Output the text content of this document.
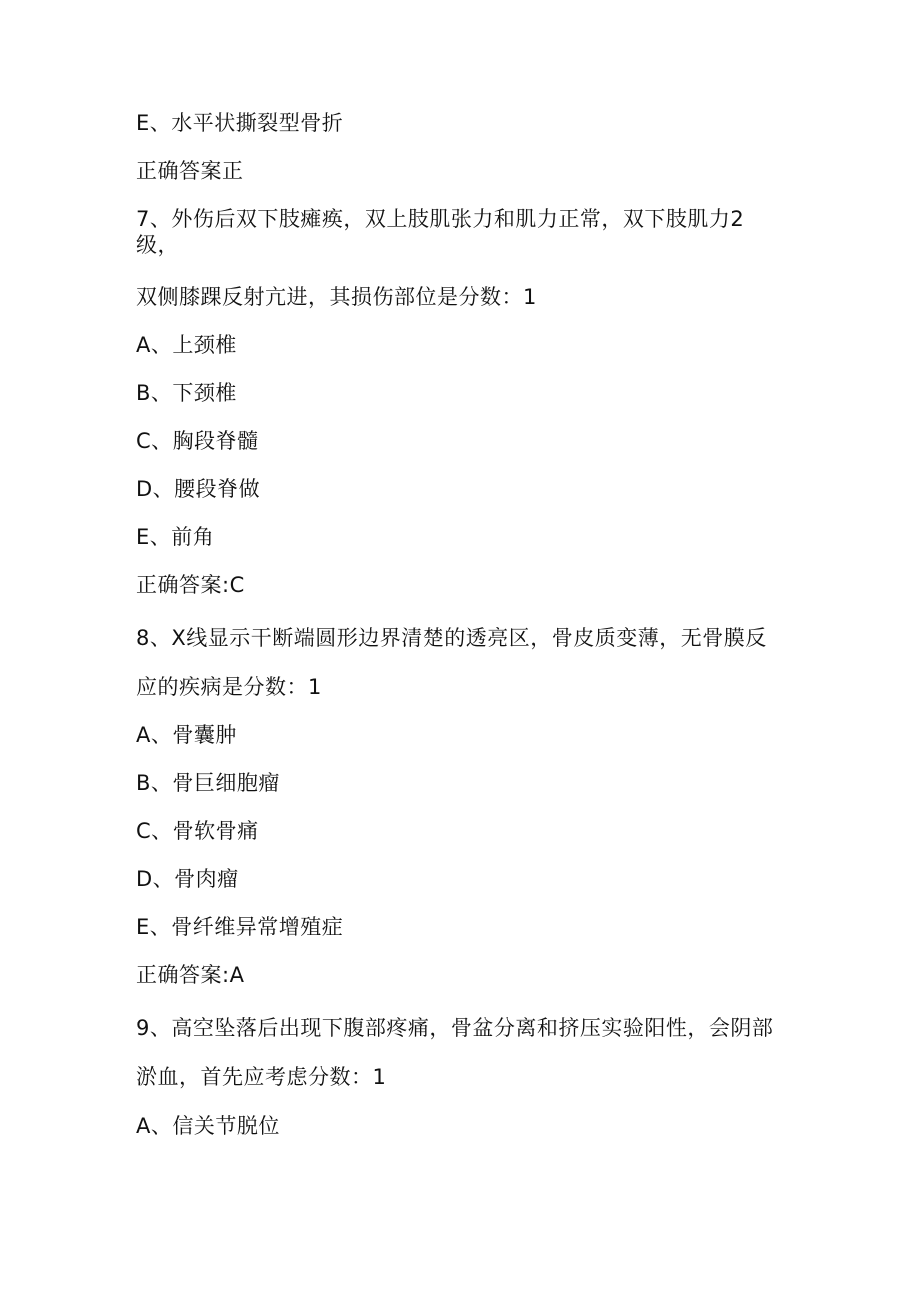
E、水平状撕裂型骨折
正确答案正
7、外伤后双下肢瘫痪，双上肢肌张力和肌力正常，双下肢肌力2级，
双侧膝踝反射亢进，其损伤部位是分数：1
A、上颈椎
B、下颈椎
C、胸段脊髓
D、腰段脊做
E、前角
正确答案:C
8、X线显示干断端圆形边界清楚的透亮区，骨皮质变薄，无骨膜反
应的疾病是分数：1
A、骨囊肿
B、骨巨细胞瘤
C、骨软骨痛
D、骨肉瘤
E、骨纤维异常增殖症
正确答案:A
9、高空坠落后出现下腹部疼痛，骨盆分离和挤压实验阳性，会阴部
淤血，首先应考虑分数：1
A、信关节脱位
